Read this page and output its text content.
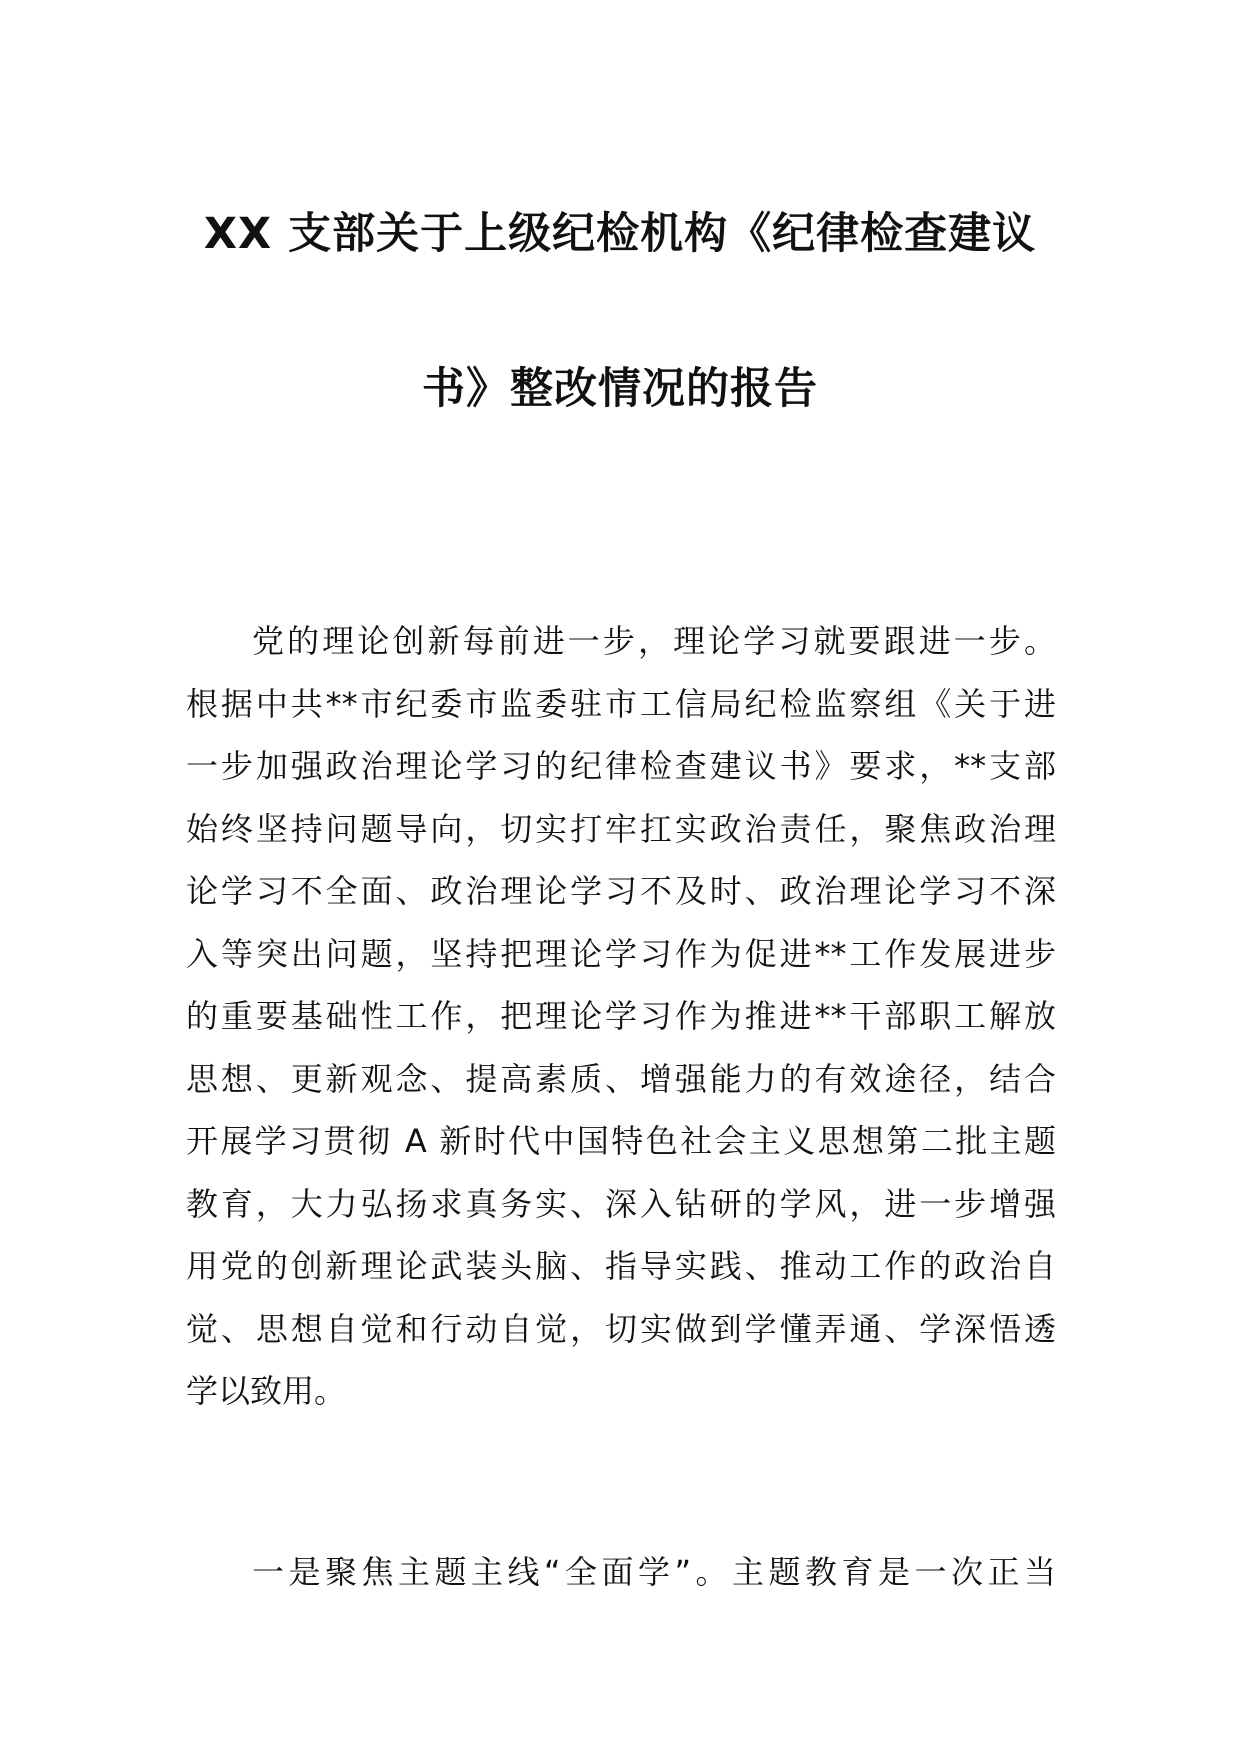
XX 支部关于上级纪检机构《纪律检查建议
书》整改情况的报告
党的理论创新每前进一步，理论学习就要跟进一步。
根据中共**市纪委市监委驻市工信局纪检监察组《关于进
一步加强政治理论学习的纪律检查建议书》要求，**支部
始终坚持问题导向，切实打牢扛实政治责任，聚焦政治理
论学习不全面、政治理论学习不及时、政治理论学习不深
入等突出问题，坚持把理论学习作为促进**工作发展进步
的重要基础性工作，把理论学习作为推进**干部职工解放
思想、更新观念、提高素质、增强能力的有效途径，结合
开展学习贯彻 A 新时代中国特色社会主义思想第二批主题
教育，大力弘扬求真务实、深入钻研的学风，进一步增强
用党的创新理论武装头脑、指导实践、推动工作的政治自
觉、思想自觉和行动自觉，切实做到学懂弄通、学深悟透
学以致用。
一是聚焦主题主线“全面学”。主题教育是一次正当
